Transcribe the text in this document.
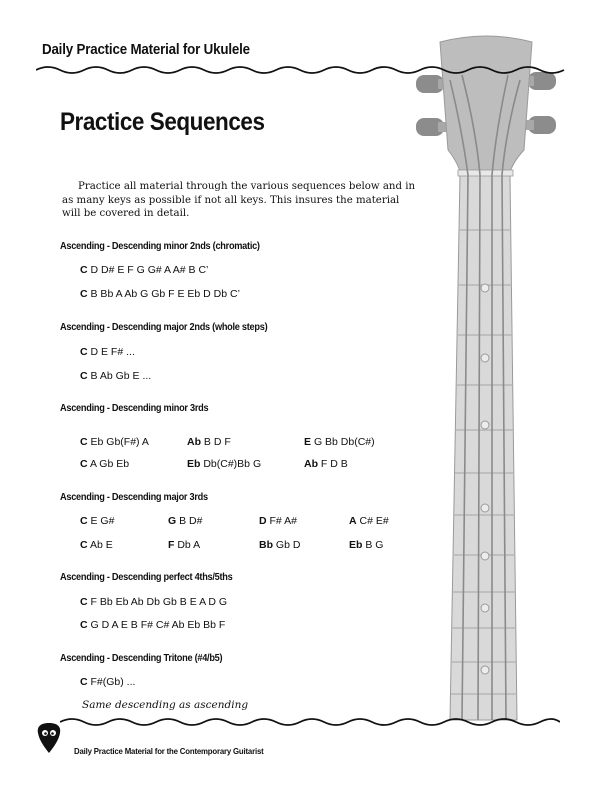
Daily Practice Material for Ukulele
Practice Sequences
Practice all material through the various sequences below and in as many keys as possible if not all keys. This insures the material will be covered in detail.
Ascending - Descending minor 2nds (chromatic)
C D D# E F G G# A A# B C’
C B Bb A Ab G Gb F E Eb D Db C’
Ascending - Descending major 2nds (whole steps)
C D E F# ...
C B Ab Gb E ...
Ascending - Descending minor 3rds
C Eb Gb(F#) A	Ab B D F	E G Bb Db(C#)
C A Gb Eb	Eb Db(C#)Bb G	Ab F D B
Ascending - Descending major 3rds
C E G#	G B D#	D F# A#	A C# E#
C Ab E	F Db A	Bb Gb D	Eb B G
Ascending - Descending perfect 4ths/5ths
C F Bb Eb Ab Db Gb B E A D G
C G D A E B F# C# Ab Eb Bb F
Ascending - Descending Tritone (#4/b5)
C F#(Gb) ...
Same descending as ascending
Daily Practice Material for the Contemporary Guitarist
